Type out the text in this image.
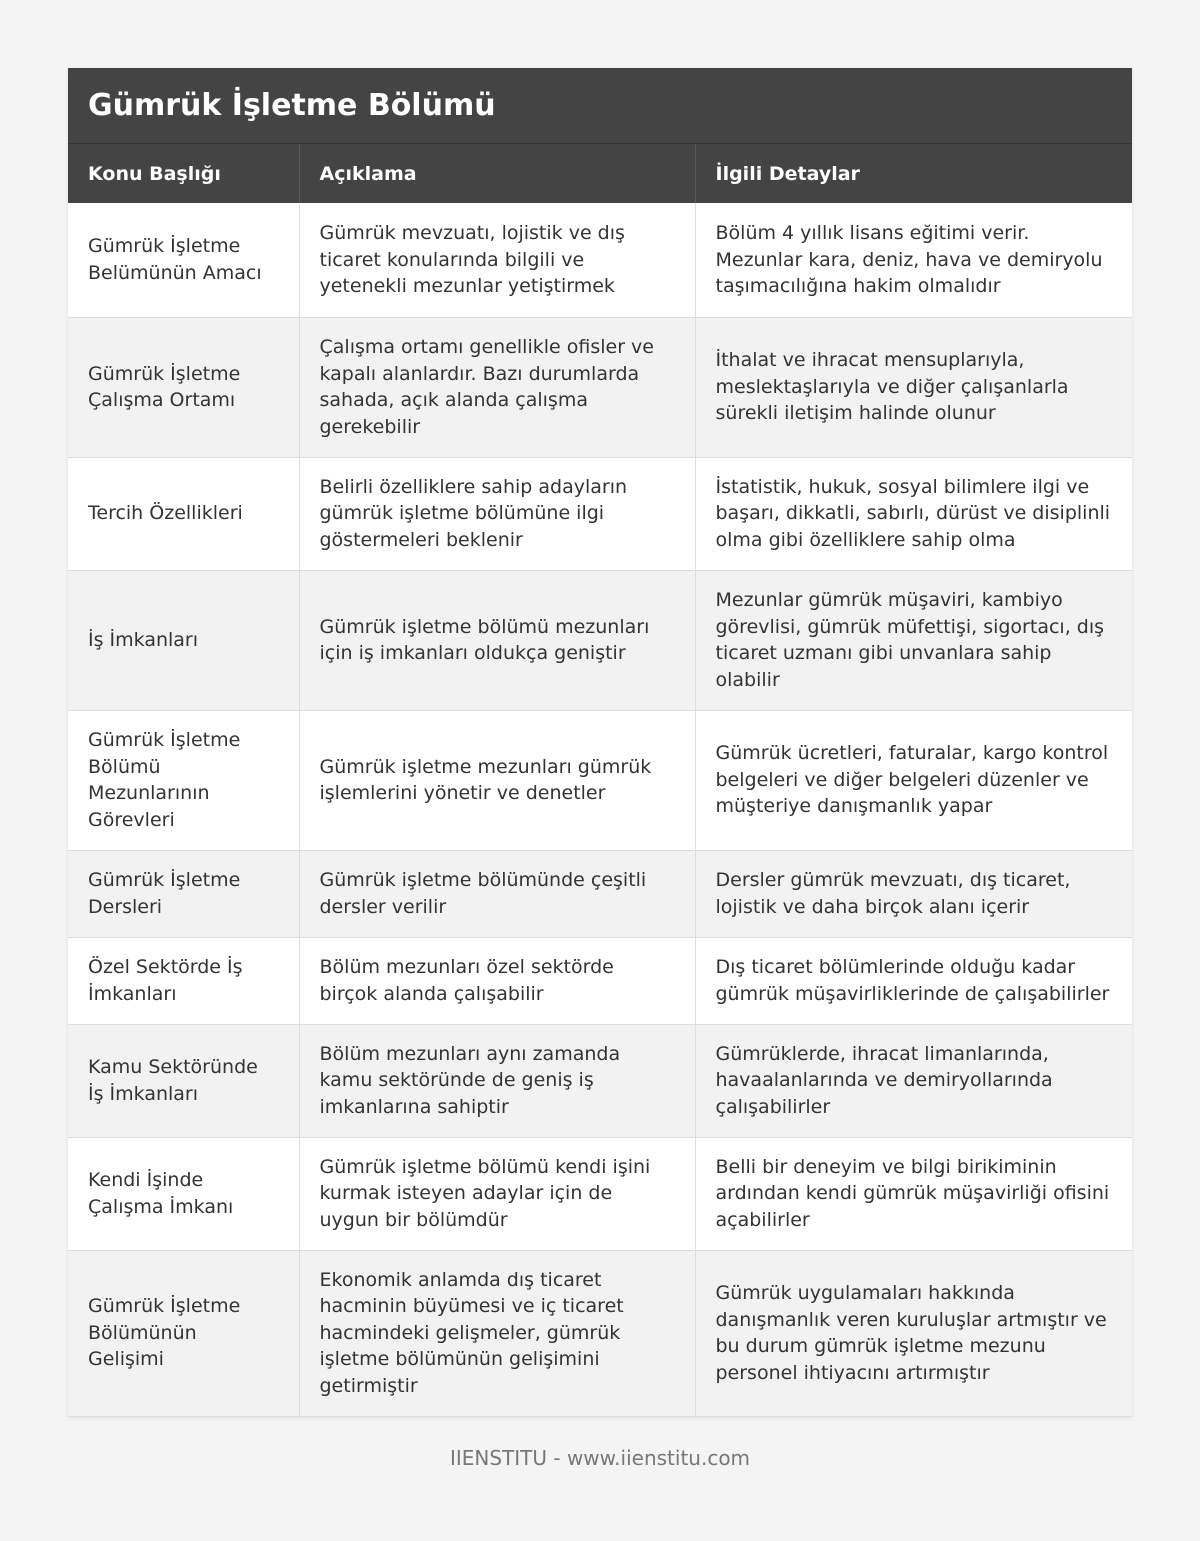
Gümrük İşletme Bölümü
Konu Başlığı	Açıklama	İlgili Detaylar
Gümrük İşletme Belümünün Amacı	Gümrük mevzuatı, lojistik ve dış ticaret konularında bilgili ve yetenekli mezunlar yetiştirmek	Bölüm 4 yıllık lisans eğitimi verir. Mezunlar kara, deniz, hava ve demiryolu taşımacılığına hakim olmalıdır
Gümrük İşletme Çalışma Ortamı	Çalışma ortamı genellikle ofisler ve kapalı alanlardır. Bazı durumlarda sahada, açık alanda çalışma gerekebilir	İthalat ve ihracat mensuplarıyla, meslektaşlarıyla ve diğer çalışanlarla sürekli iletişim halinde olunur
Tercih Özellikleri	Belirli özelliklere sahip adayların gümrük işletme bölümüne ilgi göstermeleri beklenir	İstatistik, hukuk, sosyal bilimlere ilgi ve başarı, dikkatli, sabırlı, dürüst ve disiplinli olma gibi özelliklere sahip olma
İş İmkanları	Gümrük işletme bölümü mezunları için iş imkanları oldukça geniştir	Mezunlar gümrük müşaviri, kambiyo görevlisi, gümrük müfettişi, sigortacı, dış ticaret uzmanı gibi unvanlara sahip olabilir
Gümrük İşletme Bölümü Mezunlarının Görevleri	Gümrük işletme mezunları gümrük işlemlerini yönetir ve denetler	Gümrük ücretleri, faturalar, kargo kontrol belgeleri ve diğer belgeleri düzenler ve müşteriye danışmanlık yapar
Gümrük İşletme Dersleri	Gümrük işletme bölümünde çeşitli dersler verilir	Dersler gümrük mevzuatı, dış ticaret, lojistik ve daha birçok alanı içerir
Özel Sektörde İş İmkanları	Bölüm mezunları özel sektörde birçok alanda çalışabilir	Dış ticaret bölümlerinde olduğu kadar gümrük müşavirliklerinde de çalışabilirler
Kamu Sektöründe İş İmkanları	Bölüm mezunları aynı zamanda kamu sektöründe de geniş iş imkanlarına sahiptir	Gümrüklerde, ihracat limanlarında, havaalanlarında ve demiryollarında çalışabilirler
Kendi İşinde Çalışma İmkanı	Gümrük işletme bölümü kendi işini kurmak isteyen adaylar için de uygun bir bölümdür	Belli bir deneyim ve bilgi birikiminin ardından kendi gümrük müşavirliği ofisini açabilirler
Gümrük İşletme Bölümünün Gelişimi	Ekonomik anlamda dış ticaret hacminin büyümesi ve iç ticaret hacmindeki gelişmeler, gümrük işletme bölümünün gelişimini getirmiştir	Gümrük uygulamaları hakkında danışmanlık veren kuruluşlar artmıştır ve bu durum gümrük işletme mezunu personel ihtiyacını artırmıştır
IIENSTITU - www.iienstitu.com
